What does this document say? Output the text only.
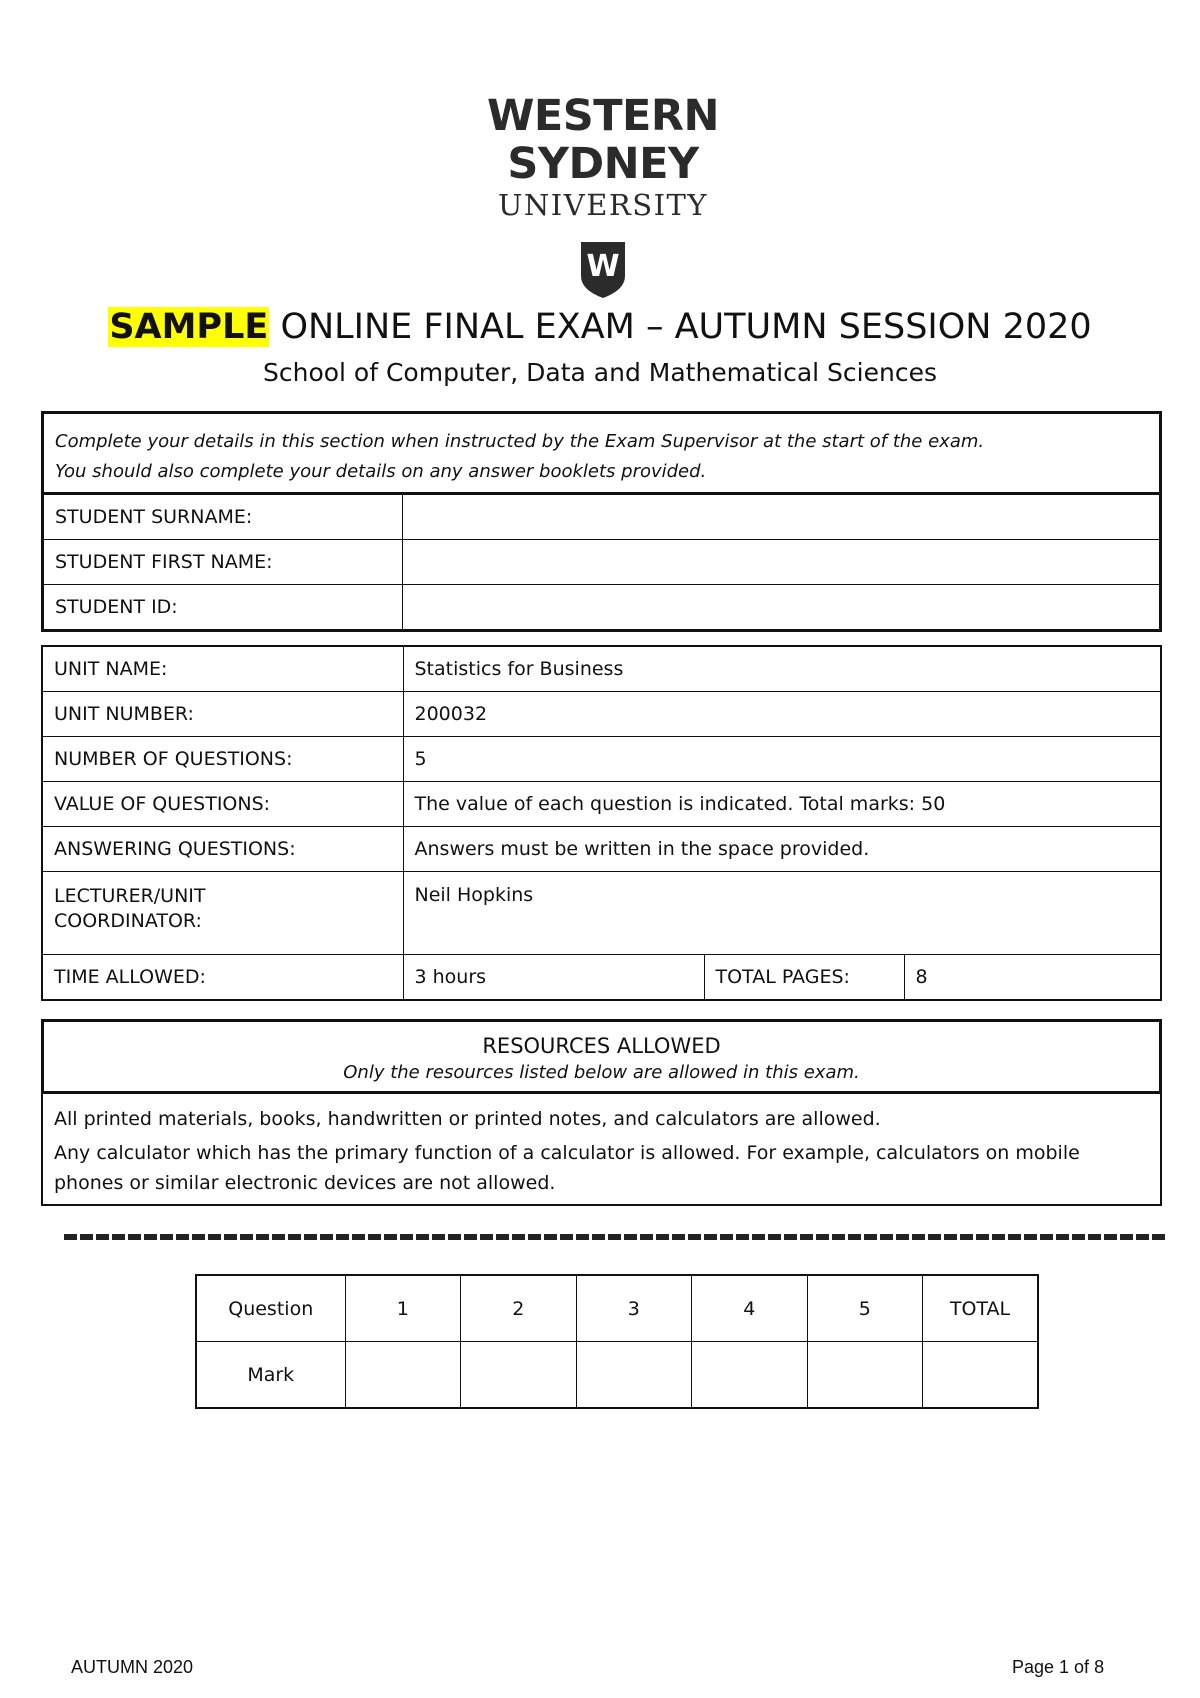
WESTERN SYDNEY
UNIVERSITY
W
SAMPLE ONLINE FINAL EXAM – AUTUMN SESSION 2020
School of Computer, Data and Mathematical Sciences

Complete your details in this section when instructed by the Exam Supervisor at the start of the exam.

You should also complete your details on any answer booklets provided.

STUDENT SURNAME:	
STUDENT FIRST NAME:	
STUDENT ID:	
UNIT NAME:	Statistics for Business		
UNIT NUMBER:	200032		
NUMBER OF QUESTIONS:	5		
VALUE OF QUESTIONS:	The value of each question is indicated. Total marks: 50		
ANSWERING QUESTIONS:	Answers must be written in the space provided.		
LECTURER/UNIT
COORDINATOR:	Neil Hopkins		
TIME ALLOWED:	3 hours	TOTAL PAGES:	8
RESOURCES ALLOWED
Only the resources listed below are allowed in this exam.

All printed materials, books, handwritten or printed notes, and calculators are allowed.

Any calculator which has the primary function of a calculator is allowed. For example, calculators on mobile phones or similar electronic devices are not allowed.

Question	1	2	3	4	5	TOTAL
Mark						
AUTUMN 2020	Page 1 of 8
